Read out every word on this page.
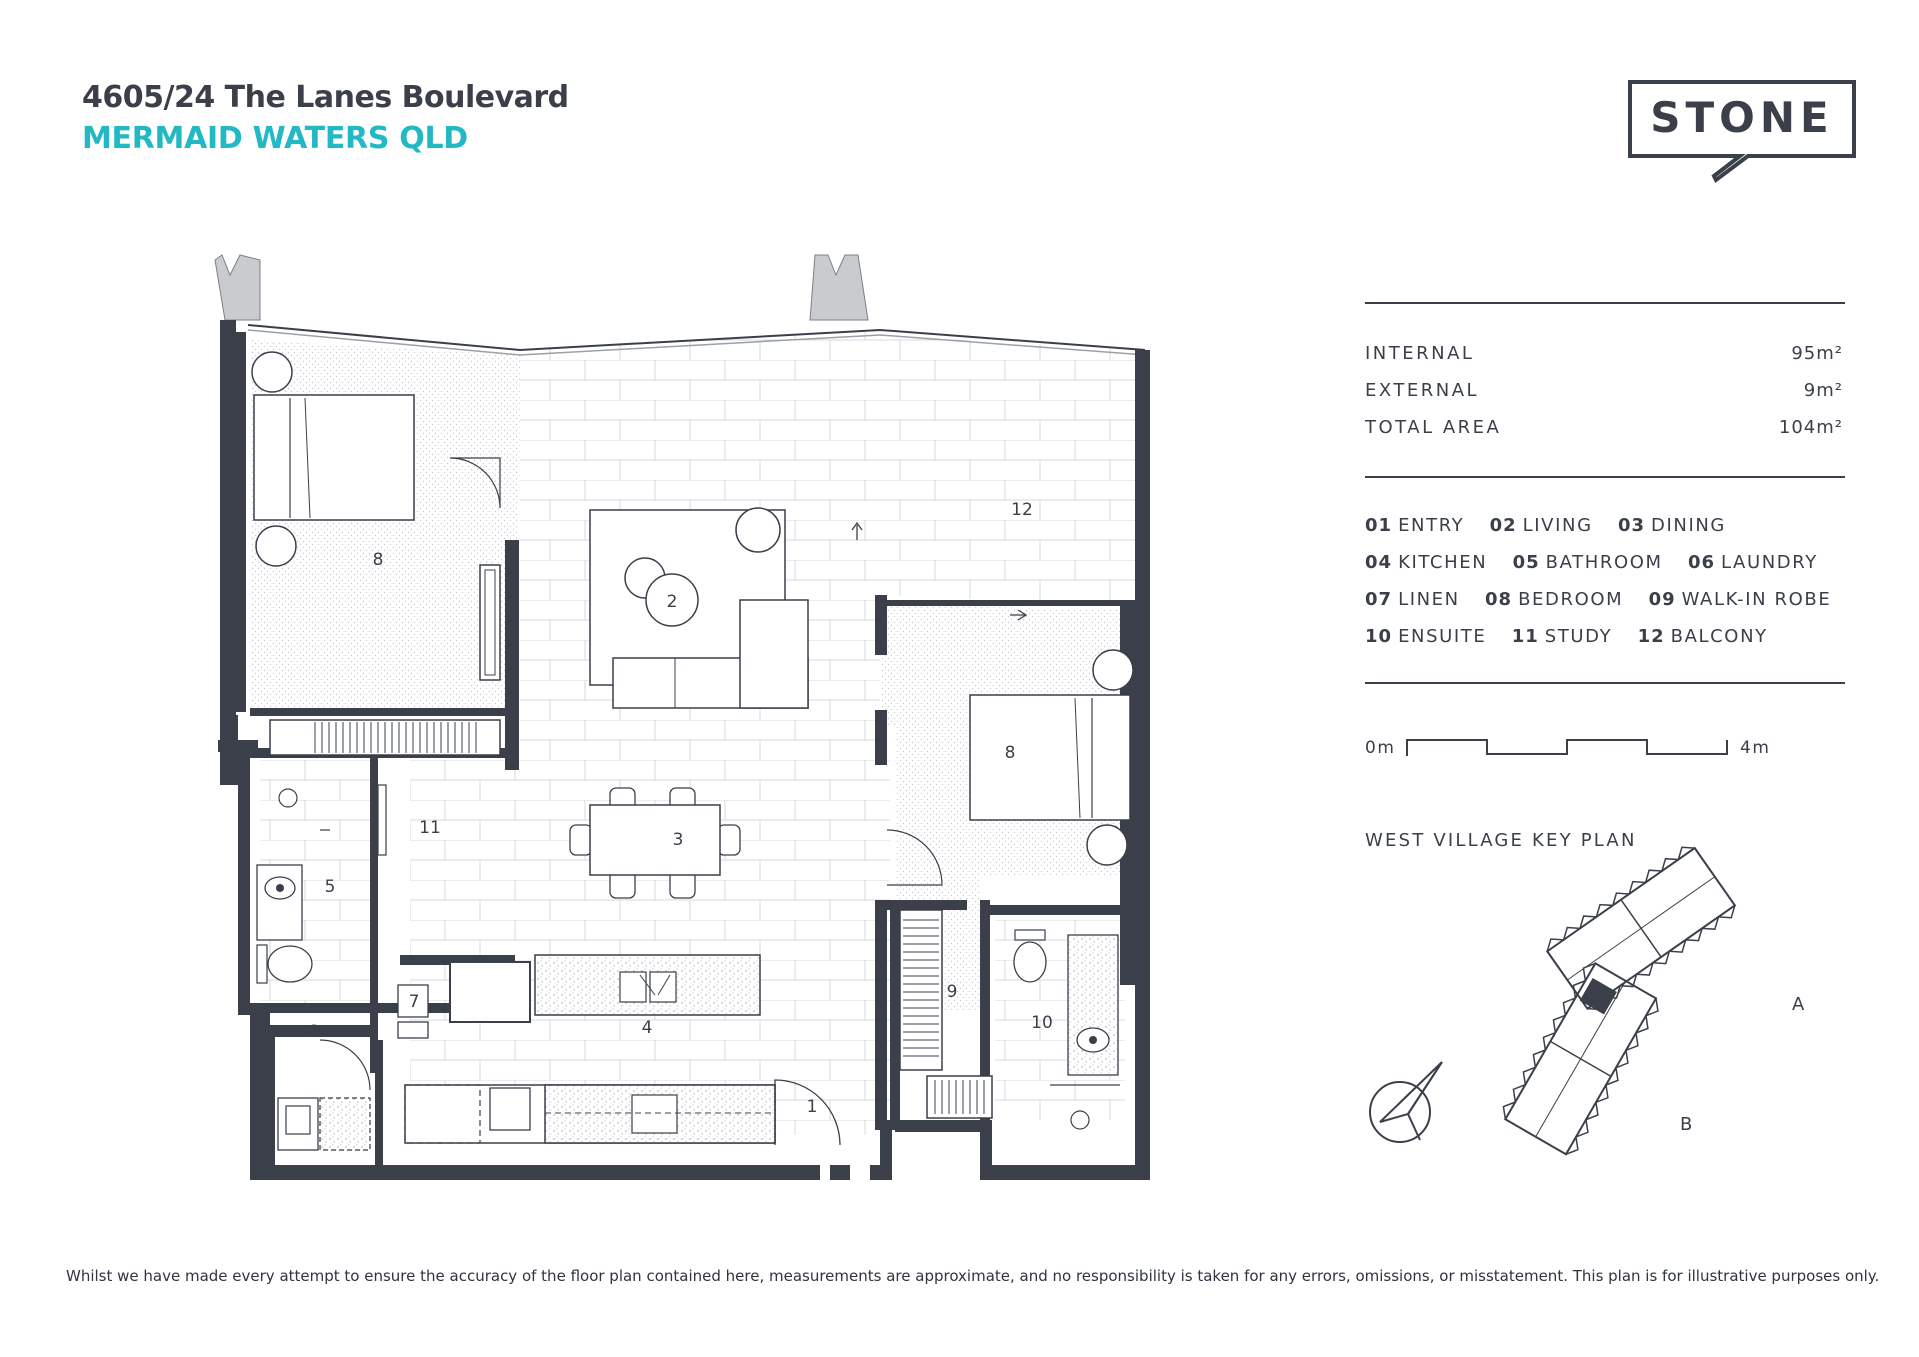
4605/24 The Lanes Boulevard
MERMAID WATERS QLD	STONE
INTERNAL	95m²
EXTERNAL	9m²
TOTAL AREA	104m²
01 ENTRY 02 LIVING 03 DINING
04 KITCHEN 05 BATHROOM 06 LAUNDRY
07 LINEN 08 BEDROOM 09 WALK-IN ROBE
10 ENSUITE 11 STUDY 12 BALCONY
0m	4m
WEST VILLAGE KEY PLAN
A
B
8
2
12
8
11
3
5
7
4
6
1
9
10
Whilst we have made every attempt to ensure the accuracy of the floor plan contained here, measurements are approximate, and no responsibility is taken for any errors, omissions, or misstatement. This plan is for illustrative purposes only.
